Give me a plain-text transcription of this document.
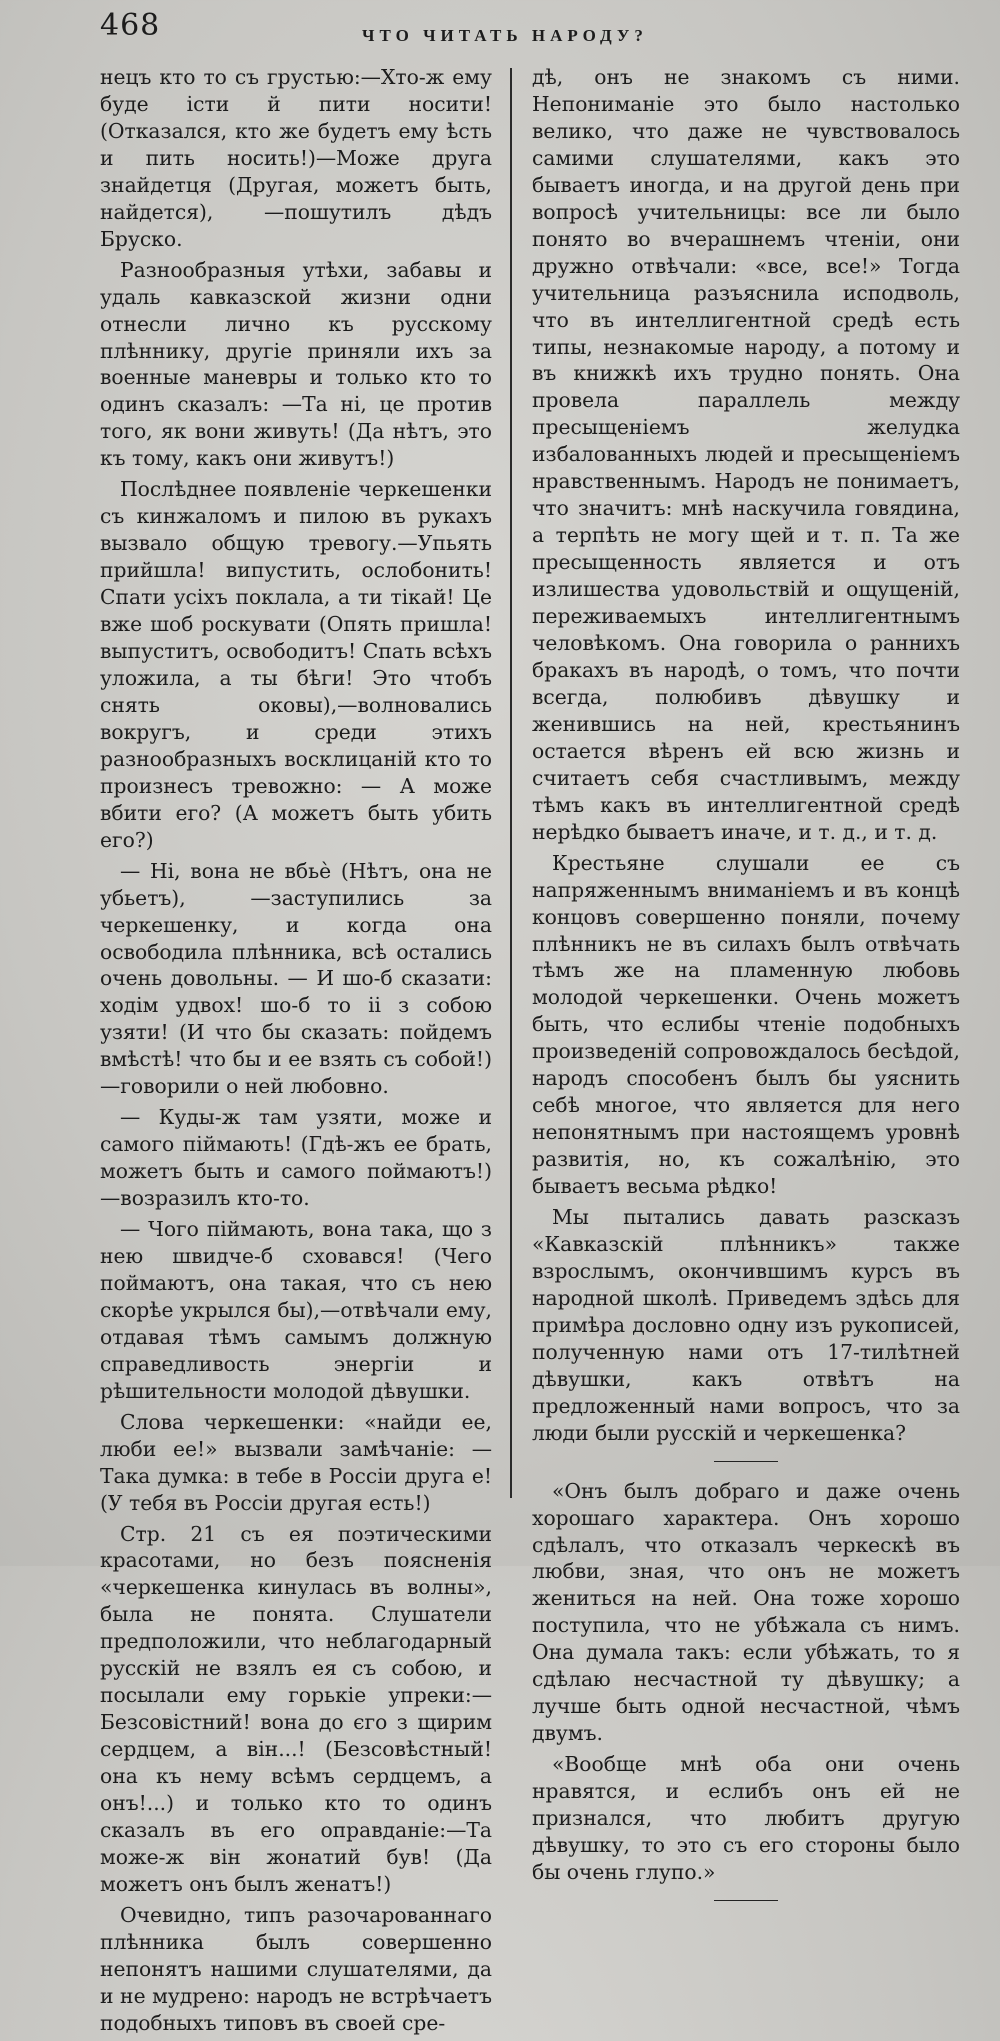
468	ЧТО ЧИТАТЬ НАРОДУ?

нецъ кто то съ грустью:—Хто-ж ему буде істи й пити носити! (Отказался, кто же будетъ ему ѣсть и пить носить!)—Може друга знайдетця (Другая, можетъ быть, найдется), —пошутилъ дѣдъ Бруско.

Разнообразныя утѣхи, забавы и удаль кавказской жизни одни отнесли лично къ русскому плѣннику, другіе приняли ихъ за военные маневры и только кто то одинъ сказалъ: —Та ні, це против того, як вони живуть! (Да нѣтъ, это къ тому, какъ они живутъ!)

Послѣднее появленіе черкешенки съ кинжаломъ и пилою въ рукахъ вызвало общую тревогу.—Упьять прийшла! випустить, ослобонить! Спати усіхъ поклала, а ти тікай! Це вже шоб роскувати (Опять пришла! выпуститъ, освободитъ! Спать всѣхъ уложила, а ты бѣги! Это чтобъ снять оковы),—волновались вокругъ, и среди этихъ разнообразныхъ восклицаній кто то произнесъ тревожно: — А може вбити его? (А можетъ быть убить его?)

— Ні, вона не вбьѐ (Нѣтъ, она не убьетъ), —заступились за черкешенку, и когда она освободила плѣнника, всѣ остались очень довольны. — И шо-б сказати: ходім удвох! шо-б то іі з собою узяти! (И что бы сказать: пойдемъ вмѣстѣ! что бы и ее взять съ собой!) —говорили о ней любовно.

— Куды-ж там узяти, може и самого піймають! (Гдѣ-жъ ее брать, можетъ быть и самого поймаютъ!)—возразилъ кто-то.

— Чого піймають, вона така, що з нею швидче-б сховався! (Чего поймаютъ, она такая, что съ нею скорѣе укрылся бы),—отвѣчали ему, отдавая тѣмъ самымъ должную справедливость энергіи и рѣшительности молодой дѣвушки.

Слова черкешенки: «найди ее, люби ее!» вызвали замѣчаніе: — Така думка: в тебе в Россіи друга е! (У тебя въ Россіи другая есть!)

Стр. 21 съ ея поэтическими красотами, но безъ поясненія «черкешенка кинулась въ волны», была не понята. Слушатели предположили, что неблагодарный русскій не взялъ ея съ собою, и посылали ему горькіе упреки:—Безсовістний! вона до єго з щирим сердцем, а він...! (Безсовѣстный! она къ нему всѣмъ сердцемъ, а онъ!...) и только кто то одинъ сказалъ въ его оправданіе:—Та може-ж він жонатий був! (Да можетъ онъ былъ женатъ!)

Очевидно, типъ разочарованнаго плѣнника былъ совершенно непонятъ нашими слушателями, да и не мудрено: народъ не встрѣчаетъ подобныхъ типовъ въ своей сре-

дѣ, онъ не знакомъ съ ними. Непониманіе это было настолько велико, что даже не чувствовалось самими слушателями, какъ это бываетъ иногда, и на другой день при вопросѣ учительницы: все ли было понято во вчерашнемъ чтеніи, они дружно отвѣчали: «все, все!» Тогда учительница разъяснила исподволь, что въ интеллигентной средѣ есть типы, незнакомые народу, а потому и въ книжкѣ ихъ трудно понять. Она провела параллель между пресыщеніемъ желудка избалованныхъ людей и пресыщеніемъ нравственнымъ. Народъ не понимаетъ, что значитъ: мнѣ наскучила говядина, а терпѣть не могу щей и т. п. Та же пресыщенность является и отъ излишества удовольствій и ощущеній, переживаемыхъ интеллигентнымъ человѣкомъ. Она говорила о раннихъ бракахъ въ народѣ, о томъ, что почти всегда, полюбивъ дѣвушку и женившись на ней, крестьянинъ остается вѣренъ ей всю жизнь и считаетъ себя счастливымъ, между тѣмъ какъ въ интеллигентной средѣ нерѣдко бываетъ иначе, и т. д., и т. д.

Крестьяне слушали ее съ напряженнымъ вниманіемъ и въ концѣ концовъ совершенно поняли, почему плѣнникъ не въ силахъ былъ отвѣчать тѣмъ же на пламенную любовь молодой черкешенки. Очень можетъ быть, что еслибы чтеніе подобныхъ произведеній сопровождалось бесѣдой, народъ способенъ былъ бы уяснить себѣ многое, что является для него непонятнымъ при настоящемъ уровнѣ развитія, но, къ сожалѣнію, это бываетъ весьма рѣдко!

Мы пытались давать разсказъ «Кавказскій плѣнникъ» также взрослымъ, окончившимъ курсъ въ народной школѣ. Приведемъ здѣсь для примѣра дословно одну изъ рукописей, полученную нами отъ 17-тилѣтней дѣвушки, какъ отвѣтъ на предложенный нами вопросъ, что за люди были русскій и черкешенка?

«Онъ былъ добраго и даже очень хорошаго характера. Онъ хорошо сдѣлалъ, что отказалъ черкескѣ въ любви, зная, что онъ не можетъ жениться на ней. Она тоже хорошо поступила, что не убѣжала съ нимъ. Она думала такъ: если убѣжать, то я сдѣлаю несчастной ту дѣвушку; а лучше быть одной несчастной, чѣмъ двумъ.

«Вообще мнѣ оба они очень нравятся, и еслибъ онъ ей не признался, что любитъ другую дѣвушку, то это съ его стороны было бы очень глупо.»
